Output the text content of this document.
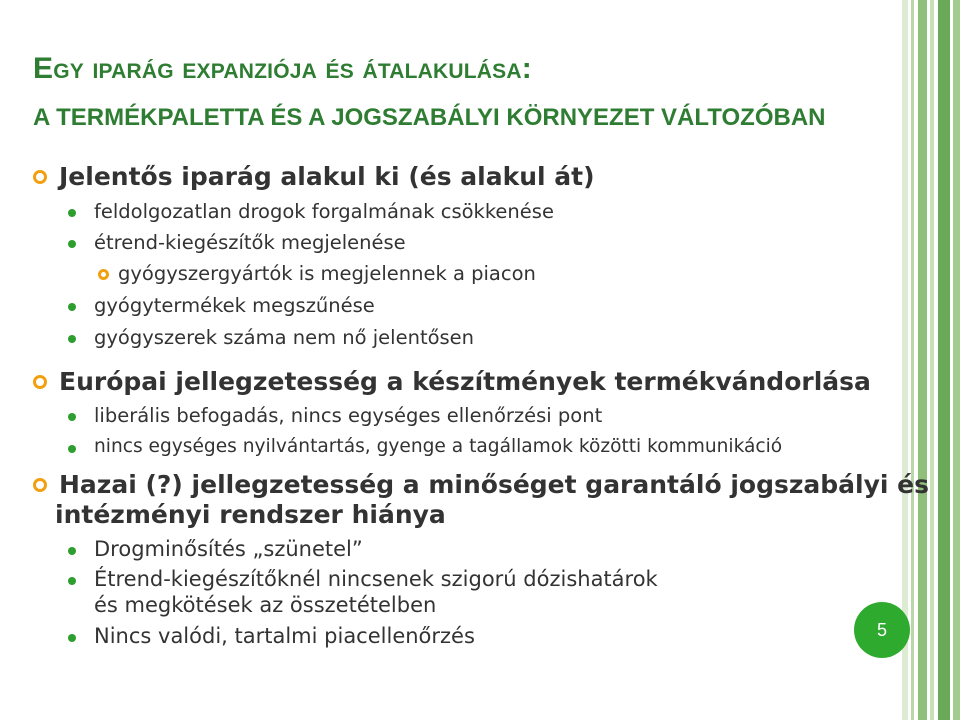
Egy iparág expanziója és átalakulása:
A TERMÉKPALETTA ÉS A JOGSZABÁLYI KÖRNYEZET VÁLTOZÓBAN
Jelentős iparág alakul ki (és alakul át)
feldolgozatlan drogok forgalmának csökkenése
étrend-kiegészítők megjelenése
gyógyszergyártók is megjelennek a piacon
gyógytermékek megszűnése
gyógyszerek száma nem nő jelentősen
Európai jellegzetesség a készítmények termékvándorlása
liberális befogadás, nincs egységes ellenőrzési pont
nincs egységes nyilvántartás, gyenge a tagállamok közötti kommunikáció
Hazai (?) jellegzetesség a minőséget garantáló jogszabályi és
intézményi rendszer hiánya
Drogminősítés „szünetel”
Étrend-kiegészítőknél nincsenek szigorú dózishatárok
és megkötések az összetételben
Nincs valódi, tartalmi piacellenőrzés	5
